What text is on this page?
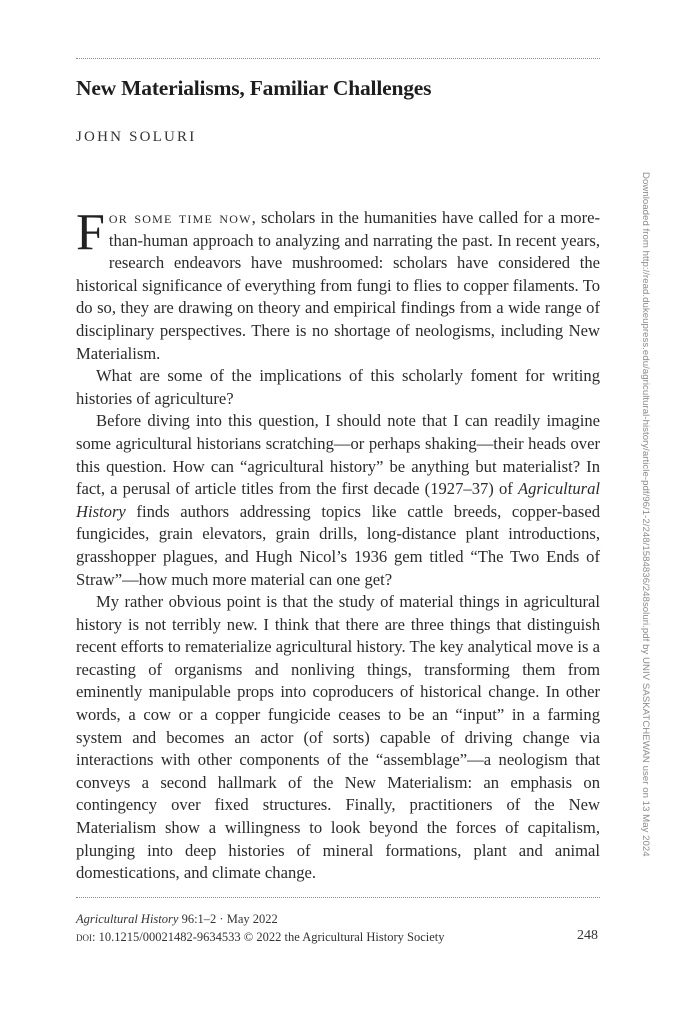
New Materialisms, Familiar Challenges
JOHN SOLURI

For some time now, scholars in the humanities have called for a more-than-human approach to analyzing and narrating the past. In recent years, research endeavors have mushroomed: scholars have considered the historical significance of everything from fungi to flies to copper filaments. To do so, they are drawing on theory and empirical findings from a wide range of disciplinary perspectives. There is no shortage of neologisms, including New Materialism.

What are some of the implications of this scholarly foment for writing histories of agriculture?

Before diving into this question, I should note that I can readily imagine some agricultural historians scratching—or perhaps shaking—their heads over this question. How can “agricultural history” be anything but materialist? In fact, a perusal of article titles from the first decade (1927–37) of Agricultural History finds authors addressing topics like cattle breeds, copper-based fungicides, grain elevators, grain drills, long-distance plant introductions, grasshopper plagues, and Hugh Nicol’s 1936 gem titled “The Two Ends of Straw”—how much more material can one get?

My rather obvious point is that the study of material things in agricultural history is not terribly new. I think that there are three things that distinguish recent efforts to rematerialize agricultural history. The key analytical move is a recasting of organisms and nonliving things, transforming them from eminently manipulable props into coproducers of historical change. In other words, a cow or a copper fungicide ceases to be an “input” in a farming system and becomes an actor (of sorts) capable of driving change via interactions with other components of the “assemblage”—a neologism that conveys a second hallmark of the New Materialism: an emphasis on contingency over fixed structures. Finally, practitioners of the New Materialism show a willingness to look beyond the forces of capitalism, plunging into deep histories of mineral formations, plant and animal domestications, and climate change.

Agricultural History 96:1–2 · May 2022
doi: 10.1215/00021482-9634533 © 2022 the Agricultural History Society	248
Downloaded from http://read.dukeupress.edu/agricultural-history/article-pdf/96/1-2/248/1584836/248soluri.pdf by UNIV SASKATCHEWAN user on 13 May 2024
